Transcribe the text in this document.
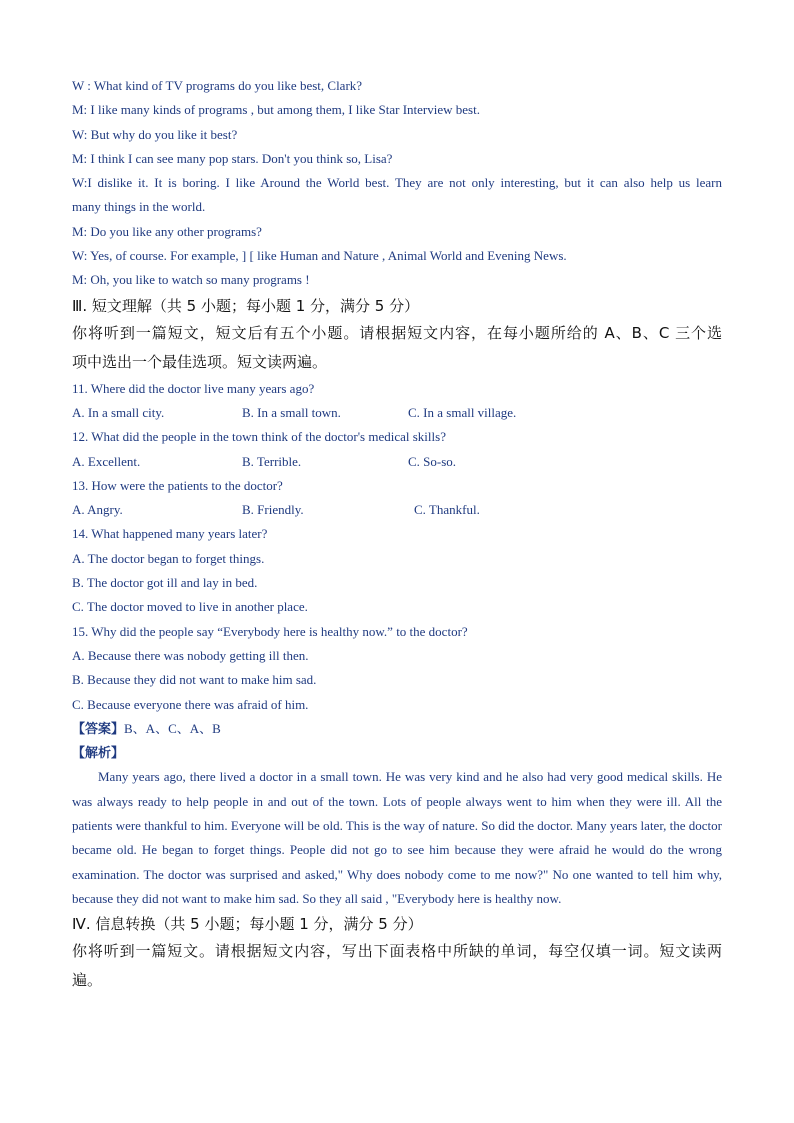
W : What kind of TV programs do you like best, Clark?
M: I like many kinds of programs , but among them, I like Star Interview best.
W: But why do you like it best?
M: I think I can see many pop stars. Don't you think so, Lisa?
W:I dislike it. It is boring. I like Around the World best. They are not only interesting, but it can also help us learn
many things in the world.
M: Do you like any other programs?
W: Yes, of course. For example, ] [ like Human and Nature , Animal World and Evening News.
M: Oh, you like to watch so many programs !
Ⅲ. 短文理解（共 5 小题；每小题 1 分，满分 5 分）
你将听到一篇短文，短文后有五个小题。请根据短文内容，在每小题所给的 A、B、C 三个选
项中选出一个最佳选项。短文读两遍。
11. Where did the doctor live many years ago?
A. In a small city.	B. In a small town.	C. In a small village.
12. What did the people in the town think of the doctor's medical skills?
A. Excellent.	B. Terrible.	C. So-so.
13. How were the patients to the doctor?
A. Angry.	B. Friendly.	C. Thankful.
14. What happened many years later?
A. The doctor began to forget things.
B. The doctor got ill and lay in bed.
C. The doctor moved to live in another place.
15. Why did the people say “Everybody here is healthy now.” to the doctor?
A. Because there was nobody getting ill then.
B. Because they did not want to make him sad.
C. Because everyone there was afraid of him.
【答案】B、A、C、A、B
【解析】

Many years ago, there lived a doctor in a small town. He was very kind and he also had very good medical skills. He was always ready to help people in and out of the town. Lots of people always went to him when they were ill. All the patients were thankful to him. Everyone will be old. This is the way of nature. So did the doctor. Many years later, the doctor became old. He began to forget things. People did not go to see him because they were afraid he would do the wrong examination. The doctor was surprised and asked," Why does nobody come to me now?" No one wanted to tell him why, because they did not want to make him sad. So they all said , "Everybody here is healthy now.

Ⅳ. 信息转换（共 5 小题；每小题 1 分，满分 5 分）
你将听到一篇短文。请根据短文内容，写出下面表格中所缺的单词，每空仅填一词。短文读两
遍。
